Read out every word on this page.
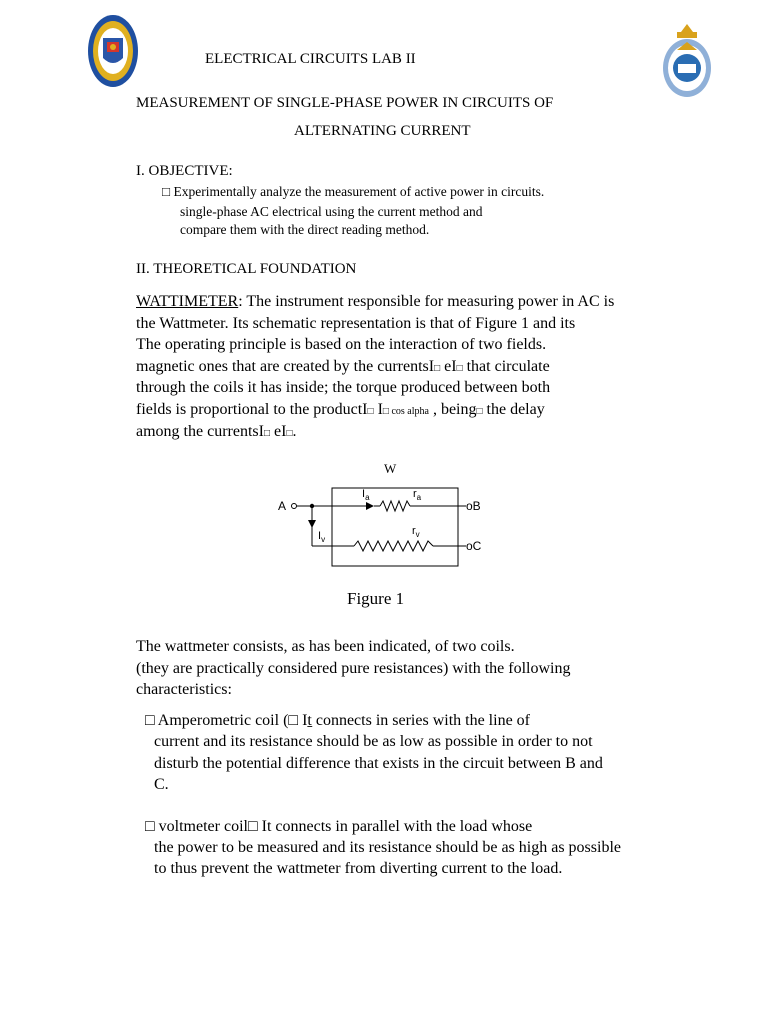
ELECTRICAL CIRCUITS LAB II
MEASUREMENT OF SINGLE-PHASE POWER IN CIRCUITS OF
ALTERNATING CURRENT
I. OBJECTIVE:
□ Experimentally analyze the measurement of active power in circuits.
single-phase AC electrical using the current method and
compare them with the direct reading method.
II. THEORETICAL FOUNDATION
WATTIMETER: The instrument responsible for measuring power in AC is
the Wattmeter. Its schematic representation is that of Figure 1 and its
The operating principle is based on the interaction of two fields.
magnetic ones that are created by the currentsI□ eI□ that circulate
through the coils it has inside; the torque produced between both
fields is proportional to the productI□ I□ cos alpha , being□ the delay
among the currentsI□ eI□.
W
A	oB
$I_a$	$r_a$
$I_v$	oC
$r_v$
Figure 1
The wattmeter consists, as has been indicated, of two coils.
(they are practically considered pure resistances) with the following
characteristics:
□ Amperometric coil (□ Iṯ connects in series with the line of
current and its resistance should be as low as possible in order to not
disturb the potential difference that exists in the circuit between B and
C.
□ voltmeter coil□ It connects in parallel with the load whose
the power to be measured and its resistance should be as high as possible
to thus prevent the wattmeter from diverting current to the load.
